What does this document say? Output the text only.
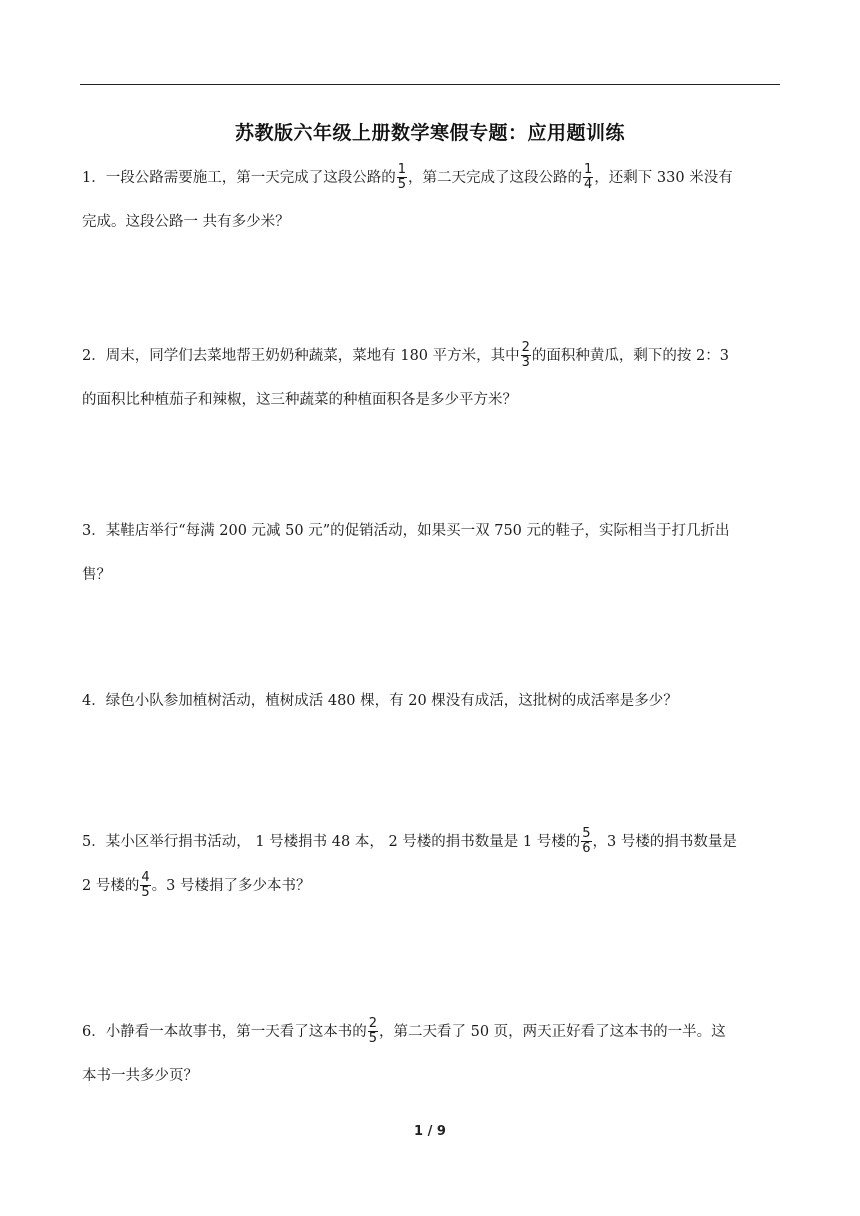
苏教版六年级上册数学寒假专题：应用题训练

1．一段公路需要施工，第一天完成了这段公路的 $\frac{1}{5}$ ，第二天完成了这段公路的 $\frac{1}{4}$ ，还剩下 330 米没有

完成。这段公路一 共有多少米？

2．周末，同学们去菜地帮王奶奶种蔬菜，菜地有 180 平方米，其中 $\frac{2}{3}$ 的面积种黄瓜，剩下的按 2：3

的面积比种植茄子和辣椒，这三种蔬菜的种植面积各是多少平方米？

3．某鞋店举行“每满 200 元减 50 元”的促销活动，如果买一双 750 元的鞋子，实际相当于打几折出

售？

4．绿色小队参加植树活动，植树成活 480 棵，有 20 棵没有成活，这批树的成活率是多少？

5．某小区举行捐书活动， 1 号楼捐书 48 本， 2 号楼的捐书数量是 1 号楼的 $\frac{5}{6}$ ，3 号楼的捐书数量是

2 号楼的 $\frac{4}{5}$ 。3 号楼捐了多少本书？

6．小静看一本故事书，第一天看了这本书的 $\frac{2}{5}$ ，第二天看了 50 页，两天正好看了这本书的一半。这

本书一共多少页？

1 / 9
